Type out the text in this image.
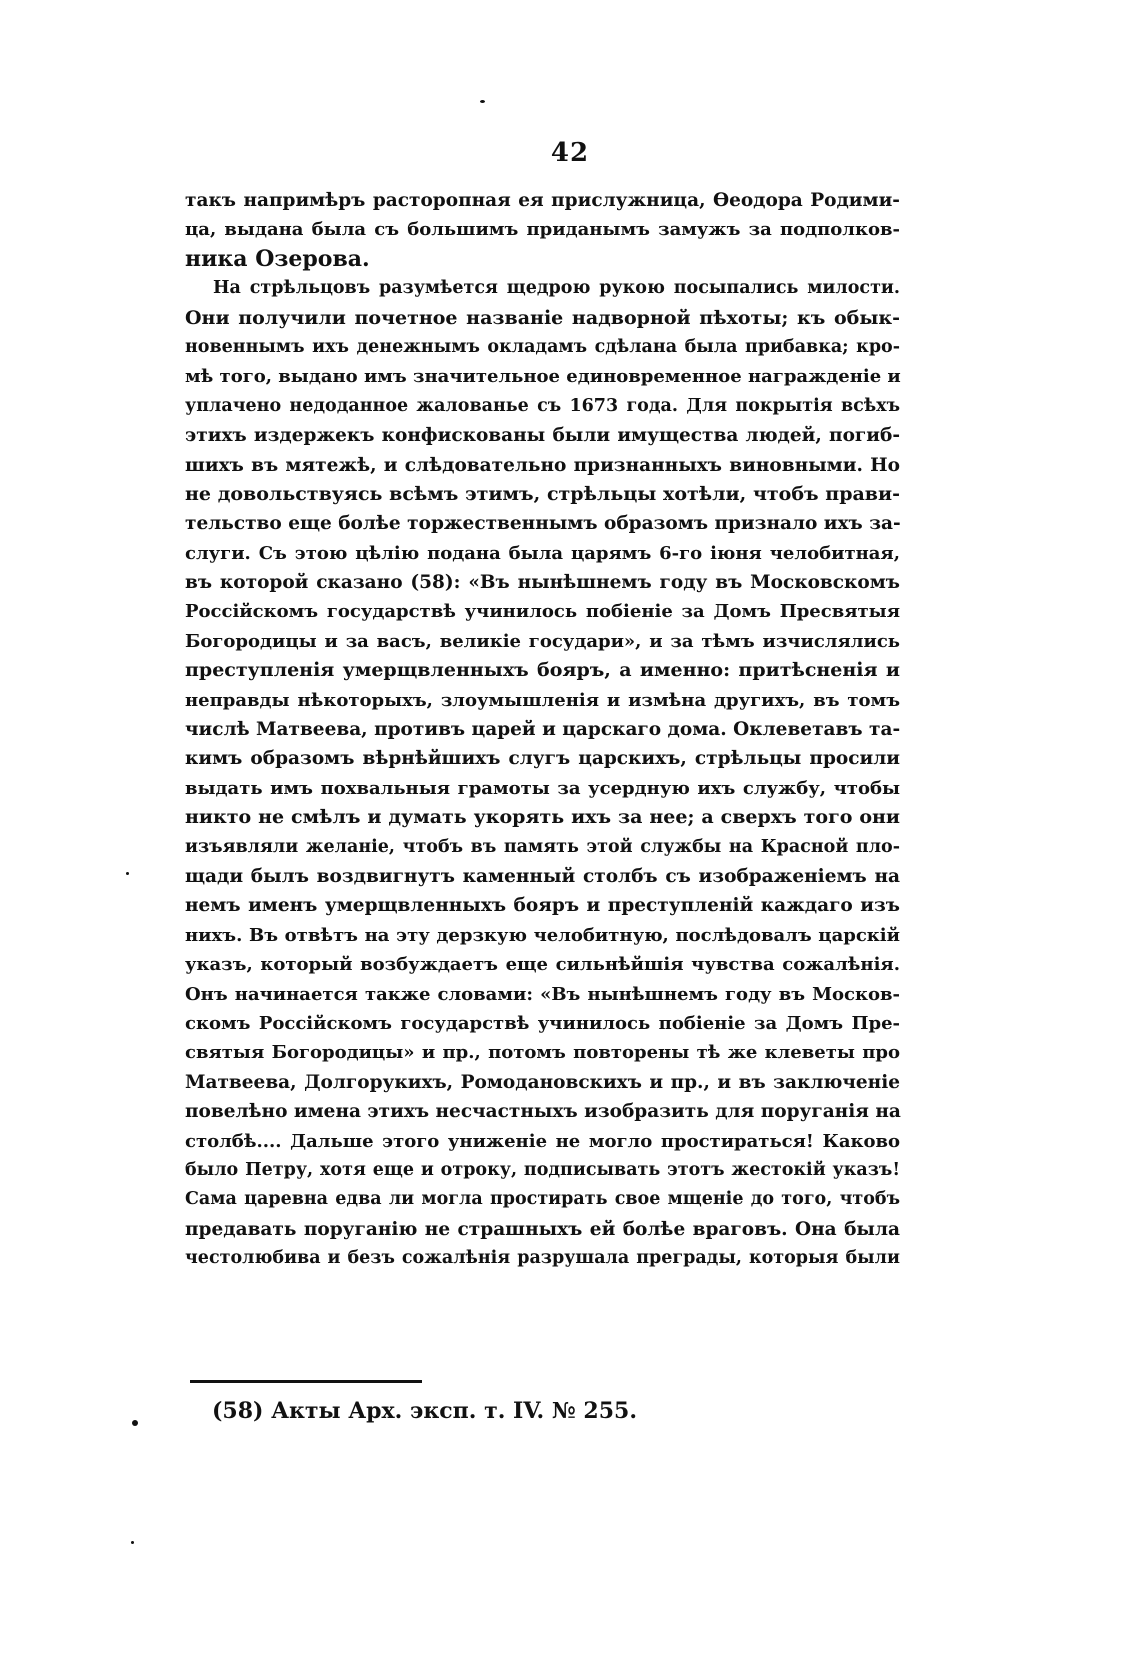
42
такъ напримѣръ расторопная ея прислужница, Өеодора Родими-
ца, выдана была съ большимъ приданымъ замужъ за подполков-
ника Озерова.
На стрѣльцовъ разумѣется щедрою рукою посыпались милости.
Они получили почетное названіе надворной пѣхоты; къ обык-
новеннымъ ихъ денежнымъ окладамъ сдѣлана была прибавка; кро-
мѣ того, выдано имъ значительное единовременное награжденіе и
уплачено недоданное жалованье съ 1673 года. Для покрытія всѣхъ
этихъ издержекъ конфискованы были имущества людей, погиб-
шихъ въ мятежѣ, и слѣдовательно признанныхъ виновными. Но
не довольствуясь всѣмъ этимъ, стрѣльцы хотѣли, чтобъ прави-
тельство еще болѣе торжественнымъ образомъ признало ихъ за-
слуги. Съ этою цѣлію подана была царямъ 6-го іюня челобитная,
въ которой сказано (58): «Въ нынѣшнемъ году въ Московскомъ
Россійскомъ государствѣ учинилось побіеніе за Домъ Пресвятыя
Богородицы и за васъ, великіе государи», и за тѣмъ изчислялись
преступленія умерщвленныхъ бояръ, а именно: притѣсненія и
неправды нѣкоторыхъ, злоумышленія и измѣна другихъ, въ томъ
числѣ Матвеева, противъ царей и царскаго дома. Оклеветавъ та-
кимъ образомъ вѣрнѣйшихъ слугъ царскихъ, стрѣльцы просили
выдать имъ похвальныя грамоты за усердную ихъ службу, чтобы
никто не смѣлъ и думать укорять ихъ за нее; а сверхъ того они
изъявляли желаніе, чтобъ въ память этой службы на Красной пло-
щади былъ воздвигнутъ каменный столбъ съ изображеніемъ на
немъ именъ умерщвленныхъ бояръ и преступленій каждаго изъ
нихъ. Въ отвѣтъ на эту дерзкую челобитную, послѣдовалъ царскій
указъ, который возбуждаетъ еще сильнѣйшія чувства сожалѣнія.
Онъ начинается также словами: «Въ нынѣшнемъ году въ Москов-
скомъ Россійскомъ государствѣ учинилось побіеніе за Домъ Пре-
святыя Богородицы» и пр., потомъ повторены тѣ же клеветы про
Матвеева, Долгорукихъ, Ромодановскихъ и пр., и въ заключеніе
повелѣно имена этихъ несчастныхъ изобразить для поруганія на
столбѣ.... Дальше этого униженіе не могло простираться! Каково
было Петру, хотя еще и отроку, подписывать этотъ жестокій указъ!
Сама царевна едва ли могла простирать свое мщеніе до того, чтобъ
предавать поруганію не страшныхъ ей болѣе враговъ. Она была
честолюбива и безъ сожалѣнія разрушала преграды, которыя были
(58) Акты Арх. эксп. т. IV. № 255.
